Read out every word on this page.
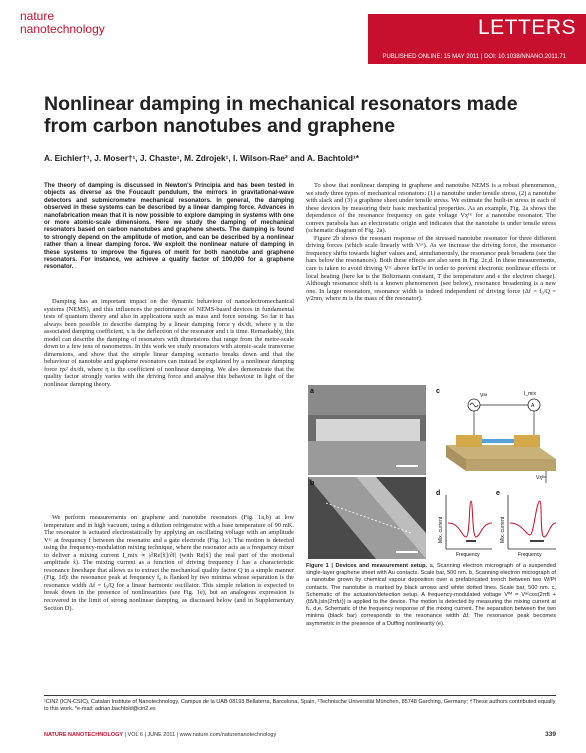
nature
nanotechnology	LETTERS
PUBLISHED ONLINE: 15 MAY 2011 | DOI: 10.1038/NNANO.2011.71
Nonlinear damping in mechanical resonators made from carbon nanotubes and graphene
A. Eichler†¹, J. Moser†¹, J. Chaste¹, M. Zdrojek¹, I. Wilson-Rae² and A. Bachtold¹*
The theory of damping is discussed in Newton's Principia and has been tested in objects as diverse as the Foucault pendulum, the mirrors in gravitational-wave detectors and submicrometre mechanical resonators. In general, the damping observed in these systems can be described by a linear damping force. Advances in nanofabrication mean that it is now possible to explore damping in systems with one or more atomic-scale dimensions. Here we study the damping of mechanical resonators based on carbon nanotubes and graphene sheets. The damping is found to strongly depend on the amplitude of motion, and can be described by a nonlinear rather than a linear damping force. We exploit the nonlinear nature of damping in these systems to improve the figures of merit for both nanotube and graphene resonators. For instance, we achieve a quality factor of 100,000 for a graphene resonator.

Damping has an important impact on the dynamic behaviour of nanoelectromechanical systems (NEMS), and this influences the performance of NEMS-based devices in fundamental tests of quantum theory and also in applications such as mass and force sensing. So far it has always been possible to describe damping by a linear damping force γ dx/dt, where γ is the associated damping coefficient, x is the deflection of the resonator and t is time. Remarkably, this model can describe the damping of resonators with dimensions that range from the metre-scale down to a few tens of nanometres. In this work we study resonators with atomic-scale transverse dimensions, and show that the simple linear damping scenario breaks down and that the behaviour of nanotube and graphene resonators can instead be explained by a nonlinear damping force ηx² dx/dt, where η is the coefficient of nonlinear damping. We also demonstrate that the quality factor strongly varies with the driving force and analyse this behaviour in light of the nonlinear damping theory.

We perform measurements on graphene and nanotube resonators (Fig. 1a,b) at low temperature and in high vacuum, using a dilution refrigerator with a base temperature of 90 mK. The resonator is actuated electrostatically by applying an oscillating voltage with an amplitude Vᵃᶜ at frequency f between the resonator and a gate electrode (Fig. 1c). The motion is detected using the frequency-modulation mixing technique, where the resonator acts as a frequency mixer to deliver a mixing current I_mix ∝ |∂Re[x̃]/∂f| (with Re[x̃] the real part of the motional amplitude x̃). The mixing current as a function of driving frequency f has a characteristic resonance lineshape that allows us to extract the mechanical quality factor Q in a simple manner (Fig. 1d): the resonance peak at frequency f₀ is flanked by two minima whose separation is the resonance width Δf = f₀/Q for a linear harmonic oscillator. This simple relation is expected to break down in the presence of nonlinearities (see Fig. 1e), but an analogous expression is recovered in the limit of strong nonlinear damping, as discussed below (and in Supplementary Section D).

To show that nonlinear damping in graphene and nanotube NEMS is a robust phenomenon, we study three types of mechanical resonators: (1) a nanotube under tensile stress, (2) a nanotube with slack and (3) a graphene sheet under tensile stress. We estimate the built-in stress in each of these devices by measuring their basic mechanical properties. As an example, Fig. 2a shows the dependence of the resonance frequency on gate voltage Vᶍᴰᶜ for a nanotube resonator. The convex parabola has an electrostatic origin and indicates that the nanotube is under tensile stress (schematic diagram of Fig. 2a).

Figure 2b shows the resonant response of the stressed nanotube resonator for three different driving forces (which scale linearly with Vᵃᶜ). As we increase the driving force, the resonance frequency shifts towards higher values and, simultaneously, the resonance peak broadens (see the bars below the resonances). Both these effects are also seen in Fig. 2c,d. In these measurements, care is taken to avoid driving Vᵃᶜ above kʙT/e in order to prevent electronic nonlinear effects or local heating (here kʙ is the Boltzmann constant, T the temperature and e the electron charge). Although resonance shift is a known phenomenon (see below), resonance broadening is a new one. In larger resonators, resonance width is indeed independent of driving force (Δf = f₀/Q = γ/2πm, where m is the mass of the resonator).

a
b
c
A
Vᶠᴹ	I_mix
Vᶍᴰᶜ
d
Mix. current
Frequency
e
Mix. current
Frequency
Figure 1 | Devices and measurement setup. a, Scanning electron micrograph of a suspended single-layer graphene sheet with Au contacts. Scale bar, 500 nm. b, Scanning electron micrograph of a nanotube grown by chemical vapour deposition over a prefabricated trench between two W/Pt contacts. The nanotube is marked by black arrows and white dotted lines. Scale bar, 500 nm. c, Schematic of the actuation/detection setup. A frequency-modulated voltage Vᶠᴹ = Vᵃᶜcos(2πft + (fΔ/fʟ)sin(2πfʟt)) is applied to the device. The motion is detected by measuring the mixing current at fʟ. d,e, Schematic of the frequency response of the mixing current. The separation between the two minima (black bar) corresponds to the resonance width Δf. The resonance peak becomes asymmetric in the presence of a Duffing nonlinearity (e).
¹CIN2 (ICN-CSIC), Catalan Institute of Nanotechnology, Campus de la UAB 08193 Bellaterra, Barcelona, Spain, ²Technische Universität München, 85748 Garching, Germany; †These authors contributed equally to this work. *e-mail: adrian.bachtold@cin2.es
NATURE NANOTECHNOLOGY | VOL 6 | JUNE 2011 | www.nature.com/naturenanotechnology	339
